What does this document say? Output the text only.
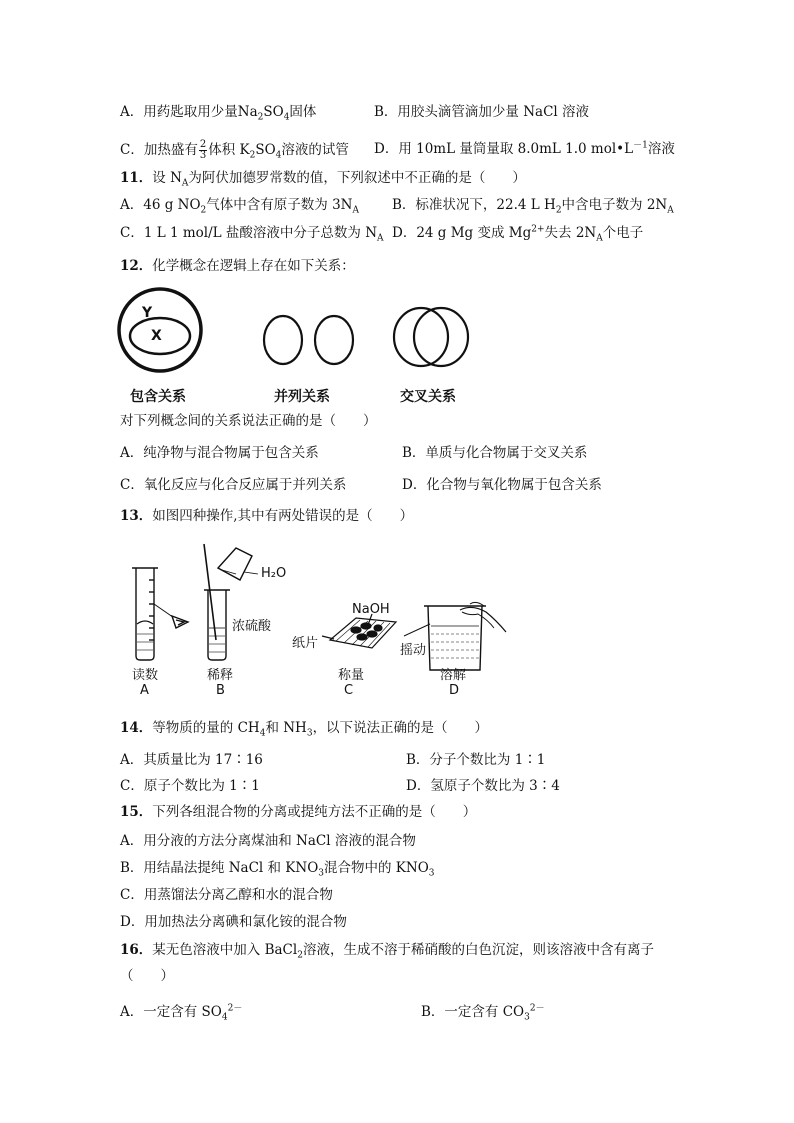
A．用药匙取用少量$Na_2SO_4$固体	B．用胶头滴管滴加少量 NaCl 溶液
C．加热盛有 $\frac{2}{3}$ 体积 $K_2SO_4$溶液的试管 D．用 10mL 量筒量取 8.0mL 1.0 $mol•L^{-1}$溶液
11．设 $N_A$为阿伏加德罗常数的值，下列叙述中不正确的是（　　）
A．46 g $NO_2$气体中含有原子数为 $3N_A$ B．标准状况下，22.4 L $H_2$中含电子数为 $2N_A$
C．1 L 1 mol/L 盐酸溶液中分子总数为 $N_A$ D．24 g Mg 变成 $Mg^{2+}$失去 $2N_A$个电子
12．化学概念在逻辑上存在如下关系：
Y
X
包含关系	并列关系	交叉关系
对下列概念间的关系说法正确的是（　　）
A．纯净物与混合物属于包含关系	B．单质与化合物属于交叉关系
C．氧化反应与化合反应属于并列关系	D．化合物与氧化物属于包含关系
13．如图四种操作,其中有两处错误的是（　　）
H₂O
浓硫酸
NaOH
纸片	摇动
读数	稀释	称量	溶解
A	B	C	D
14．等物质的量的 $CH_4$和 $NH_3$，以下说法正确的是（　　）
A．其质量比为 17∶16	B．分子个数比为 1∶1
C．原子个数比为 1∶1	D．氢原子个数比为 3∶4
15．下列各组混合物的分离或提纯方法不正确的是（　　）
A．用分液的方法分离煤油和 NaCl 溶液的混合物
B．用结晶法提纯 NaCl 和 $KNO_3$混合物中的 $KNO_3$
C．用蒸馏法分离乙醇和水的混合物
D．用加热法分离碘和氯化铵的混合物
16．某无色溶液中加入 BaCl$_2$溶液，生成不溶于稀硝酸的白色沉淀，则该溶液中含有离子
（　　）
A．一定含有 $SO_4^{2-}$	B．一定含有 $CO_3^{2-}$
